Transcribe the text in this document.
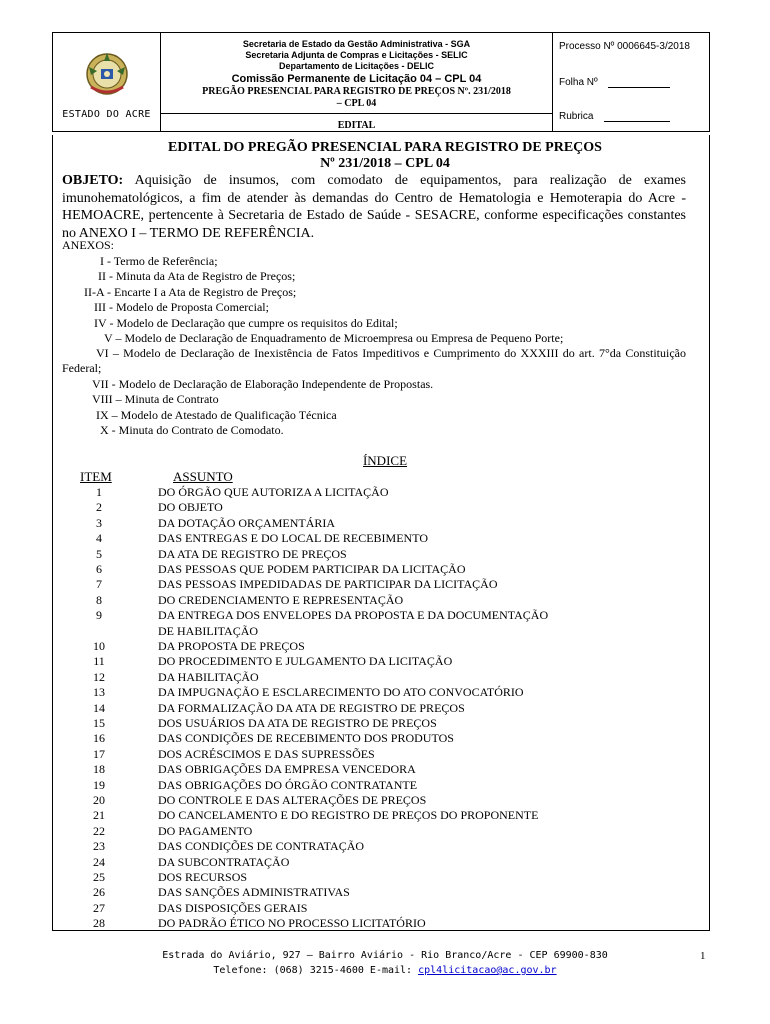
ESTADO DO ACRE
Secretaria de Estado da Gestão Administrativa - SGA
Secretaria Adjunta de Compras e Licitações - SELIC
Departamento de Licitações - DELIC
Comissão Permanente de Licitação 04 – CPL 04
PREGÃO PRESENCIAL PARA REGISTRO DE PREÇOS Nº. 231/2018
– CPL 04
EDITAL
Processo Nº 0006645-3/2018
Folha Nº
Rubrica
EDITAL DO PREGÃO PRESENCIAL PARA REGISTRO DE PREÇOS
Nº 231/2018 – CPL 04
OBJETO: Aquisição de insumos, com comodato de equipamentos, para realização de exames imunohematológicos, a fim de atender às demandas do Centro de Hematologia e Hemoterapia do Acre - HEMOACRE, pertencente à Secretaria de Estado de Saúde - SESACRE, conforme especificações constantes no ANEXO I – TERMO DE REFERÊNCIA.
ANEXOS:
I - Termo de Referência;
II - Minuta da Ata de Registro de Preços;
II-A - Encarte I a Ata de Registro de Preços;
III - Modelo de Proposta Comercial;
IV - Modelo de Declaração que cumpre os requisitos do Edital;
V – Modelo de Declaração de Enquadramento de Microempresa ou Empresa de Pequeno Porte;
VI – Modelo de Declaração de Inexistência de Fatos Impeditivos e Cumprimento do XXXIII do art. 7°da Constituição Federal;
VII - Modelo de Declaração de Elaboração Independente de Propostas.
VIII – Minuta de Contrato
IX – Modelo de Atestado de Qualificação Técnica
X - Minuta do Contrato de Comodato.
ÍNDICE
ITEM	ASSUNTO
1	DO ÓRGÃO QUE AUTORIZA A LICITAÇÃO
2	DO OBJETO
3	DA DOTAÇÃO ORÇAMENTÁRIA
4	DAS ENTREGAS E DO LOCAL DE RECEBIMENTO
5	DA ATA DE REGISTRO DE PREÇOS
6	DAS PESSOAS QUE PODEM PARTICIPAR DA LICITAÇÃO
7	DAS PESSOAS IMPEDIDADAS DE PARTICIPAR DA LICITAÇÃO
8	DO CREDENCIAMENTO E REPRESENTAÇÃO
9	DA ENTREGA DOS ENVELOPES DA PROPOSTA E DA DOCUMENTAÇÃO
DE HABILITAÇÃO
10	DA PROPOSTA DE PREÇOS
11	DO PROCEDIMENTO E JULGAMENTO DA LICITAÇÃO
12	DA HABILITAÇÃO
13	DA IMPUGNAÇÃO E ESCLARECIMENTO DO ATO CONVOCATÓRIO
14	DA FORMALIZAÇÃO DA ATA DE REGISTRO DE PREÇOS
15	DOS USUÁRIOS DA ATA DE REGISTRO DE PREÇOS
16	DAS CONDIÇÕES DE RECEBIMENTO DOS PRODUTOS
17	DOS ACRÉSCIMOS E DAS SUPRESSÕES
18	DAS OBRIGAÇÕES DA EMPRESA VENCEDORA
19	DAS OBRIGAÇÕES DO ÓRGÃO CONTRATANTE
20	DO CONTROLE E DAS ALTERAÇÕES DE PREÇOS
21	DO CANCELAMENTO E DO REGISTRO DE PREÇOS DO PROPONENTE
22	DO PAGAMENTO
23	DAS CONDIÇÕES DE CONTRATAÇÃO
24	DA SUBCONTRATAÇÃO
25	DOS RECURSOS
26	DAS SANÇÕES ADMINISTRATIVAS
27	DAS DISPOSIÇÕES GERAIS
28	DO PADRÃO ÉTICO NO PROCESSO LICITATÓRIO
Estrada do Aviário, 927 – Bairro Aviário - Rio Branco/Acre - CEP 69900-830
Telefone: (068) 3215-4600 E-mail: cpl4licitacao@ac.gov.br
1
